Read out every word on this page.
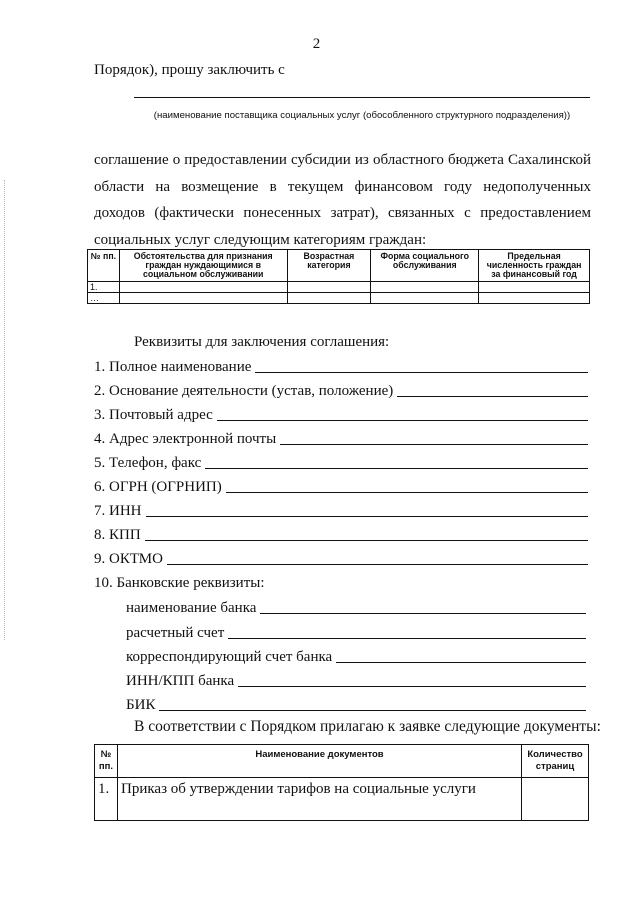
2
Порядок), прошу заключить с
(наименование поставщика социальных услуг (обособленного структурного подразделения))
соглашение о предоставлении субсидии из областного бюджета Сахалинской области на возмещение в текущем финансовом году недополученных доходов (фактически понесенных затрат), связанных с предоставлением социальных услуг следующим категориям граждан:
№ пп.	Обстоятельства для признания граждан нуждающимися в социальном обслуживании	Возрастная категория	Форма социального обслуживания	Предельная численность граждан за финансовый год
1.				
…				
Реквизиты для заключения соглашения:
1. Полное наименование
2. Основание деятельности (устав, положение)
3. Почтовый адрес
4. Адрес электронной почты
5. Телефон, факс
6. ОГРН (ОГРНИП)
7. ИНН
8. КПП
9. ОКТМО
10. Банковские реквизиты:
наименование банка
расчетный счет
корреспондирующий счет банка
ИНН/КПП банка
БИК
В соответствии с Порядком прилагаю к заявке следующие документы:
№ пп.	Наименование документов	Количество страниц
1.	Приказ об утверждении тарифов на социальные услуги	
